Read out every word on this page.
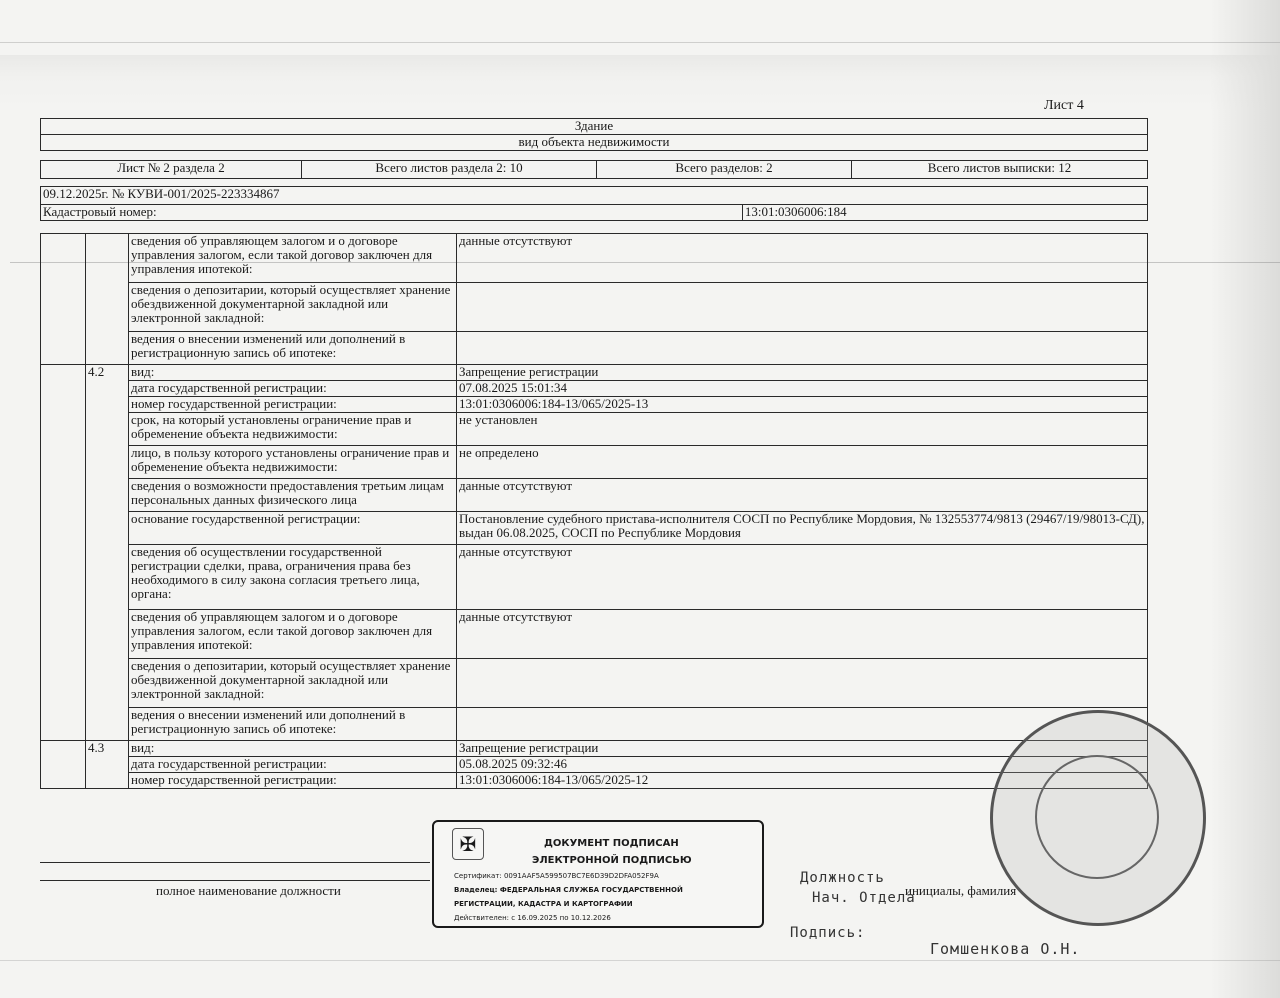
Лист 4
Здание
вид объекта недвижимости
Лист № 2 раздела 2	Всего листов раздела 2: 10	Всего разделов: 2	Всего листов выписки: 12
09.12.2025г. № КУВИ-001/2025-223334867
Кадастровый номер:	13:01:0306006:184
		сведения об управляющем залогом и о договоре управления залогом, если такой договор заключен для управления ипотекой:	данные отсутствуют
		сведения о депозитарии, который осуществляет хранение обездвиженной документарной закладной или электронной закладной:	
		ведения о внесении изменений или дополнений в регистрационную запись об ипотеке:	
	4.2	вид:	Запрещение регистрации
		дата государственной регистрации:	07.08.2025 15:01:34
		номер государственной регистрации:	13:01:0306006:184-13/065/2025-13
		срок, на который установлены ограничение прав и обременение объекта недвижимости:	не установлен
		лицо, в пользу которого установлены ограничение прав и обременение объекта недвижимости:	не определено
		сведения о возможности предоставления третьим лицам персональных данных физического лица	данные отсутствуют
		основание государственной регистрации:	Постановление судебного пристава-исполнителя СОСП по Республике Мордовия, № 132553774/9813 (29467/19/98013-СД), выдан 06.08.2025, СОСП по Республике Мордовия
		сведения об осуществлении государственной регистрации сделки, права, ограничения права без необходимого в силу закона согласия третьего лица, органа:	данные отсутствуют
		сведения об управляющем залогом и о договоре управления залогом, если такой договор заключен для управления ипотекой:	данные отсутствуют
		сведения о депозитарии, который осуществляет хранение обездвиженной документарной закладной или электронной закладной:	
		ведения о внесении изменений или дополнений в регистрационную запись об ипотеке:	
	4.3	вид:	Запрещение регистрации
		дата государственной регистрации:	05.08.2025 09:32:46
		номер государственной регистрации:	13:01:0306006:184-13/065/2025-12
полное наименование должности	инициалы, фамилия
Должность
Нач. Отдела
Подпись:
Гомшенкова О.Н.
✠	ДОКУМЕНТ ПОДПИСАН
ЭЛЕКТРОННОЙ ПОДПИСЬЮ
Сертификат: 0091AAF5A599507BC7E6D39D2DFA052F9A
Владелец: ФЕДЕРАЛЬНАЯ СЛУЖБА ГОСУДАРСТВЕННОЙ
РЕГИСТРАЦИИ, КАДАСТРА И КАРТОГРАФИИ
Действителен: с 16.09.2025 по 10.12.2026
